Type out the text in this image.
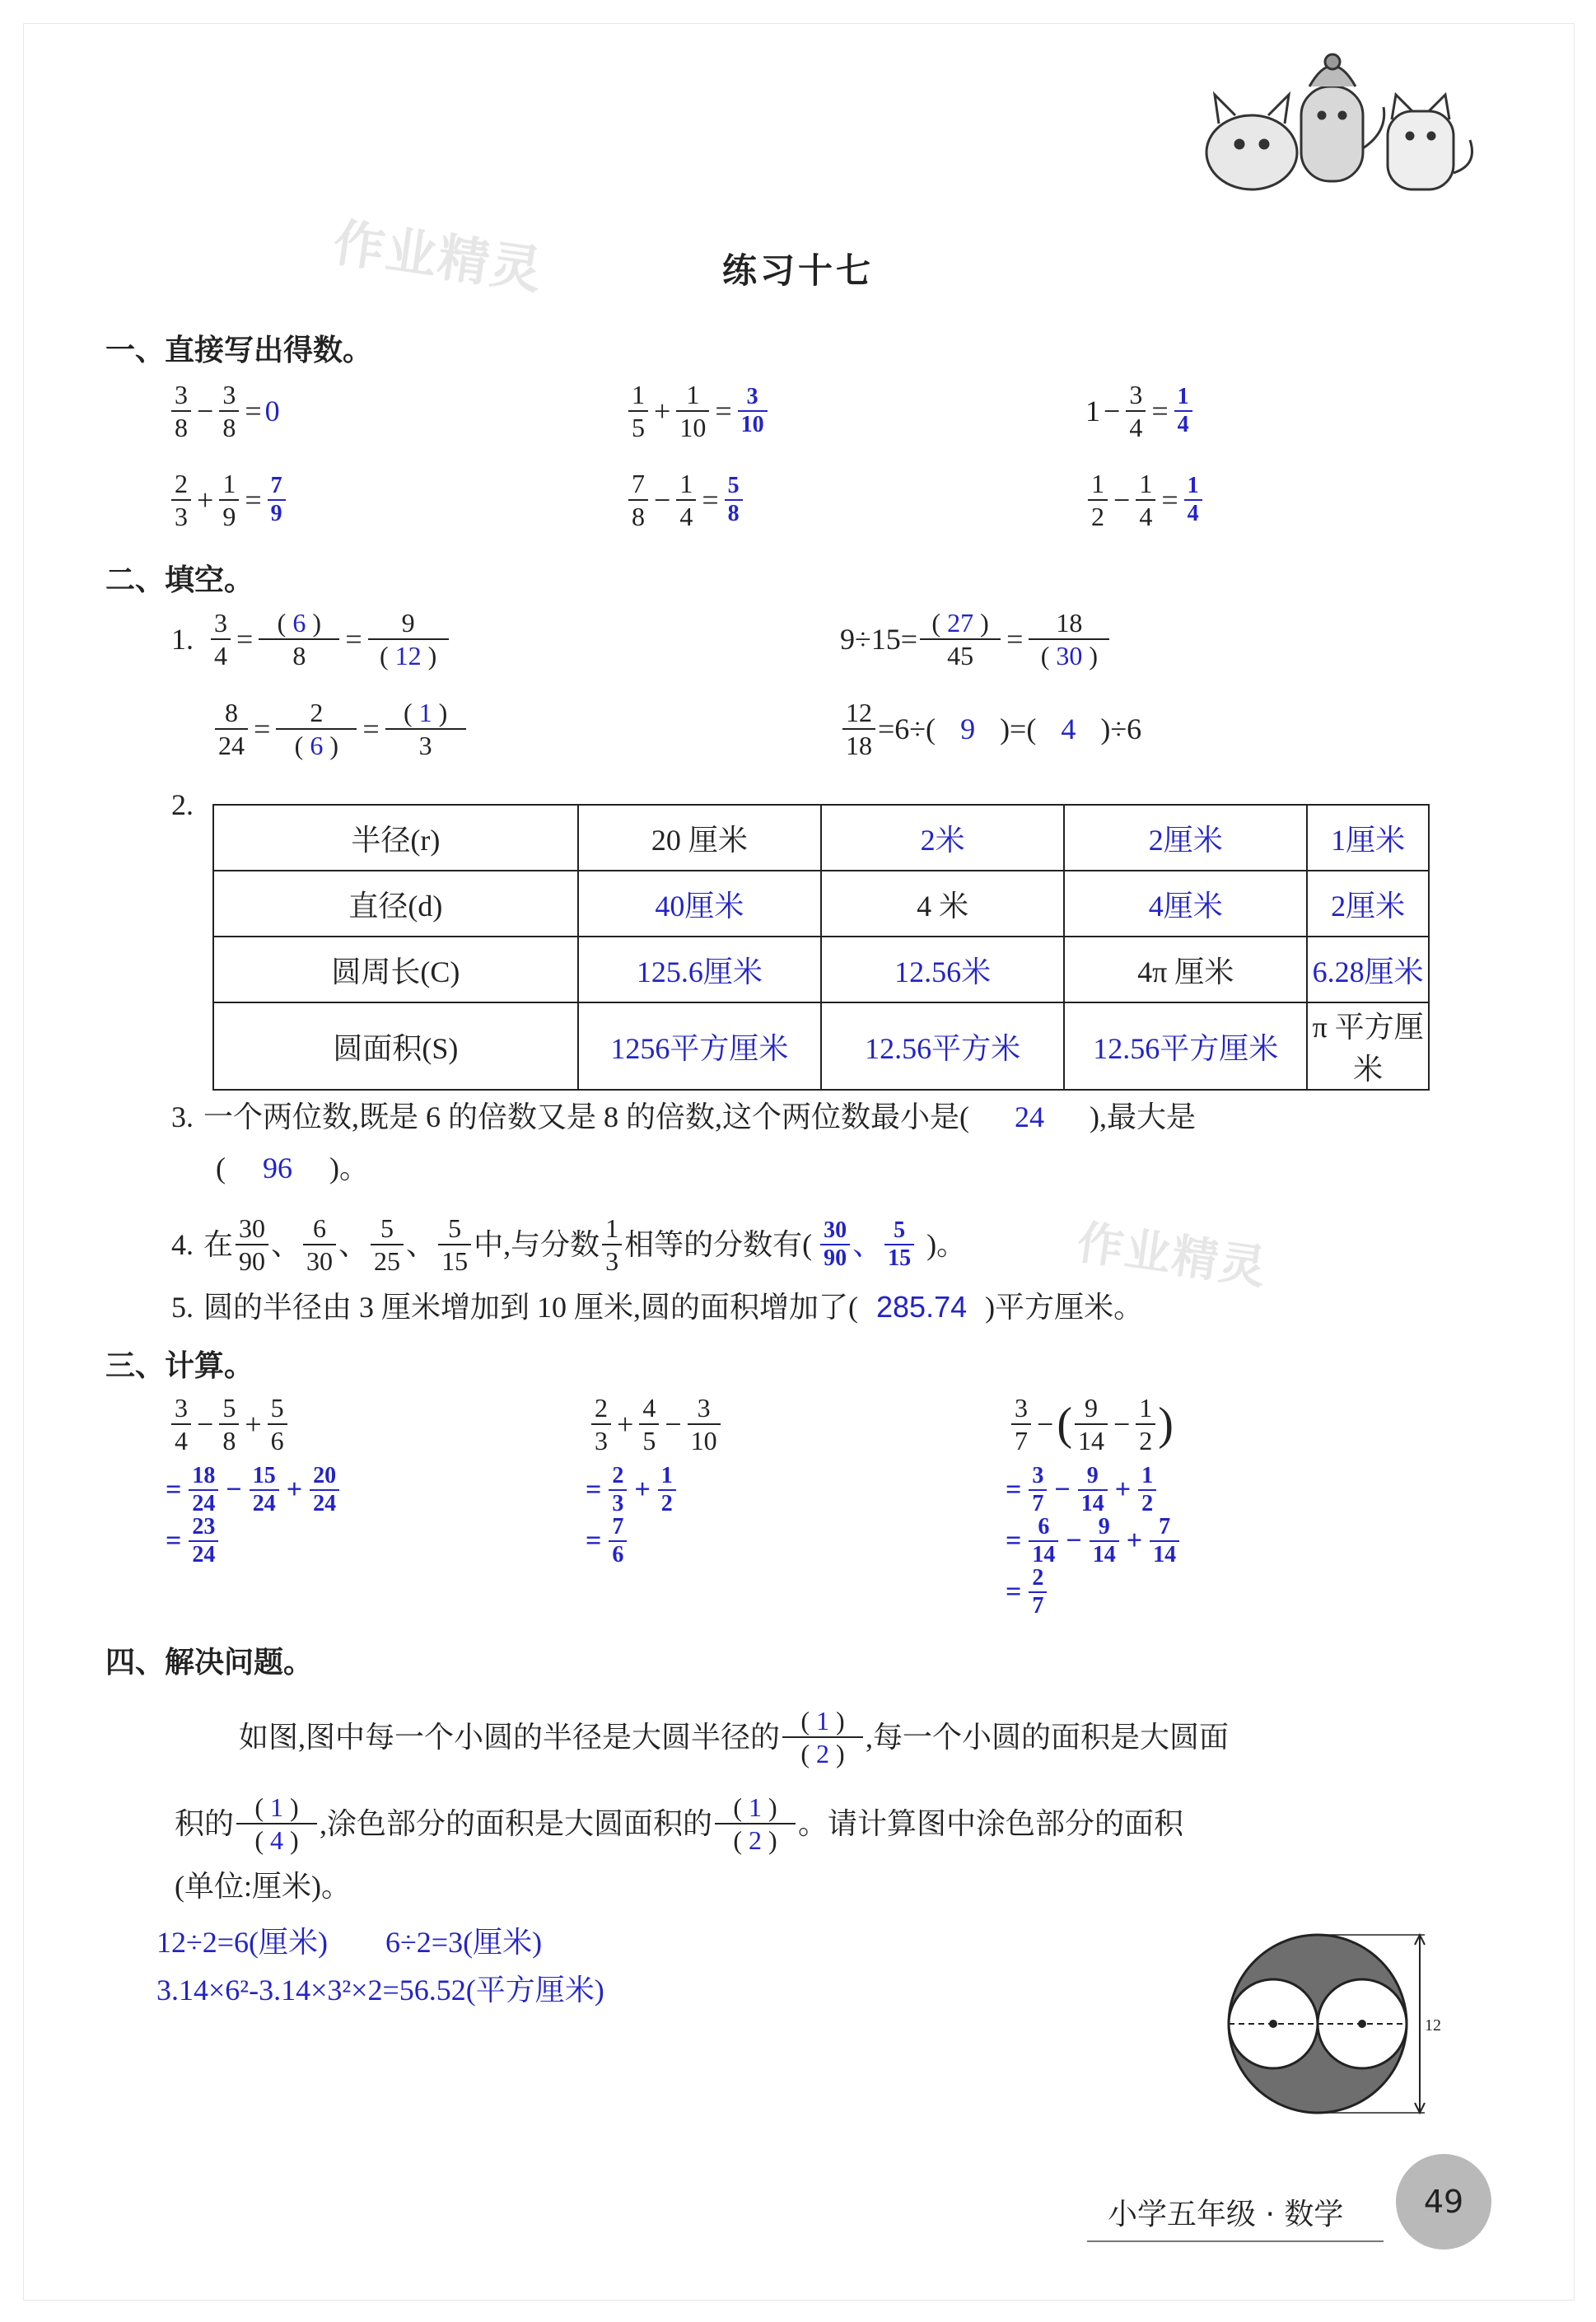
作业精灵
作业精灵
练习十七
一、直接写出得数。
$\frac{3}{8} - \frac{3}{8} = 0$	$\frac{1}{5} + \frac{1}{10} = \frac{3}{10}$	$1 - \frac{3}{4} = \frac{1}{4}$
$\frac{2}{3} + \frac{1}{9} = \frac{7}{9}$	$\frac{7}{8} - \frac{1}{4} = \frac{5}{8}$	$\frac{1}{2} - \frac{1}{4} = \frac{1}{4}$
二、填空。
1. $\frac{3}{4} = \frac{( 6 )}{8} = \frac{9}{( 12 )}$	$9\div 15= \frac{( 27 )}{45} = \frac{18}{( 30 )}$
$\frac{8}{24} = \frac{2}{( 6 )} = \frac{( 1 )}{3}$	$\frac{12}{18} =6\div$( 9 )=( 4 )÷6
2.
半径(r)	20 厘米	2米	2厘米	1厘米
直径(d)	40厘米	4 米	4厘米	2厘米
圆周长(C)	125.6厘米	12.56米	4π 厘米	6.28厘米
圆面积(S)	1256平方厘米	12.56平方米	12.56平方厘米	π 平方厘米
3. 一个两位数,既是 6 的倍数又是 8 的倍数,这个两位数最小是( 24 ),最大是
( 96 )。
4. 在 $\frac{30}{90}$ 、 $\frac{6}{30}$ 、 $\frac{5}{25}$ 、 $\frac{5}{15}$ 中,与分数 $\frac{1}{3}$ 相等的分数有( $\frac{30}{90}$ 、 $\frac{5}{15}$ )。
5. 圆的半径由 3 厘米增加到 10 厘米,圆的面积增加了( 285.74 )平方厘米。
三、计算。
$\frac{3}{4} - \frac{5}{8} + \frac{5}{6}$
= $\frac{18}{24} - \frac{15}{24} + \frac{20}{24}$
= $\frac{23}{24}$
$\frac{2}{3} + \frac{4}{5} - \frac{3}{10}$
= $\frac{2}{3} + \frac{1}{2}$
= $\frac{7}{6}$
$\frac{3}{7}$ − ( $\frac{9}{14} - \frac{1}{2}$ )
= $\frac{3}{7} - \frac{9}{14} + \frac{1}{2}$
= $\frac{6}{14} - \frac{9}{14} + \frac{7}{14}$
= $\frac{2}{7}$
四、解决问题。
如图,图中每一个小圆的半径是大圆半径的 $\frac{( 1 )}{( 2 )}$ ,每一个小圆的面积是大圆面
积的 $\frac{( 1 )}{( 4 )}$ ,涂色部分的面积是大圆面积的 $\frac{( 1 )}{( 2 )}$ 。请计算图中涂色部分的面积
(单位:厘米)。
12÷2=6(厘米) 6÷2=3(厘米)
3.14×6²-3.14×3²×2=56.52(平方厘米)
12
小学五年级 · 数学	49
